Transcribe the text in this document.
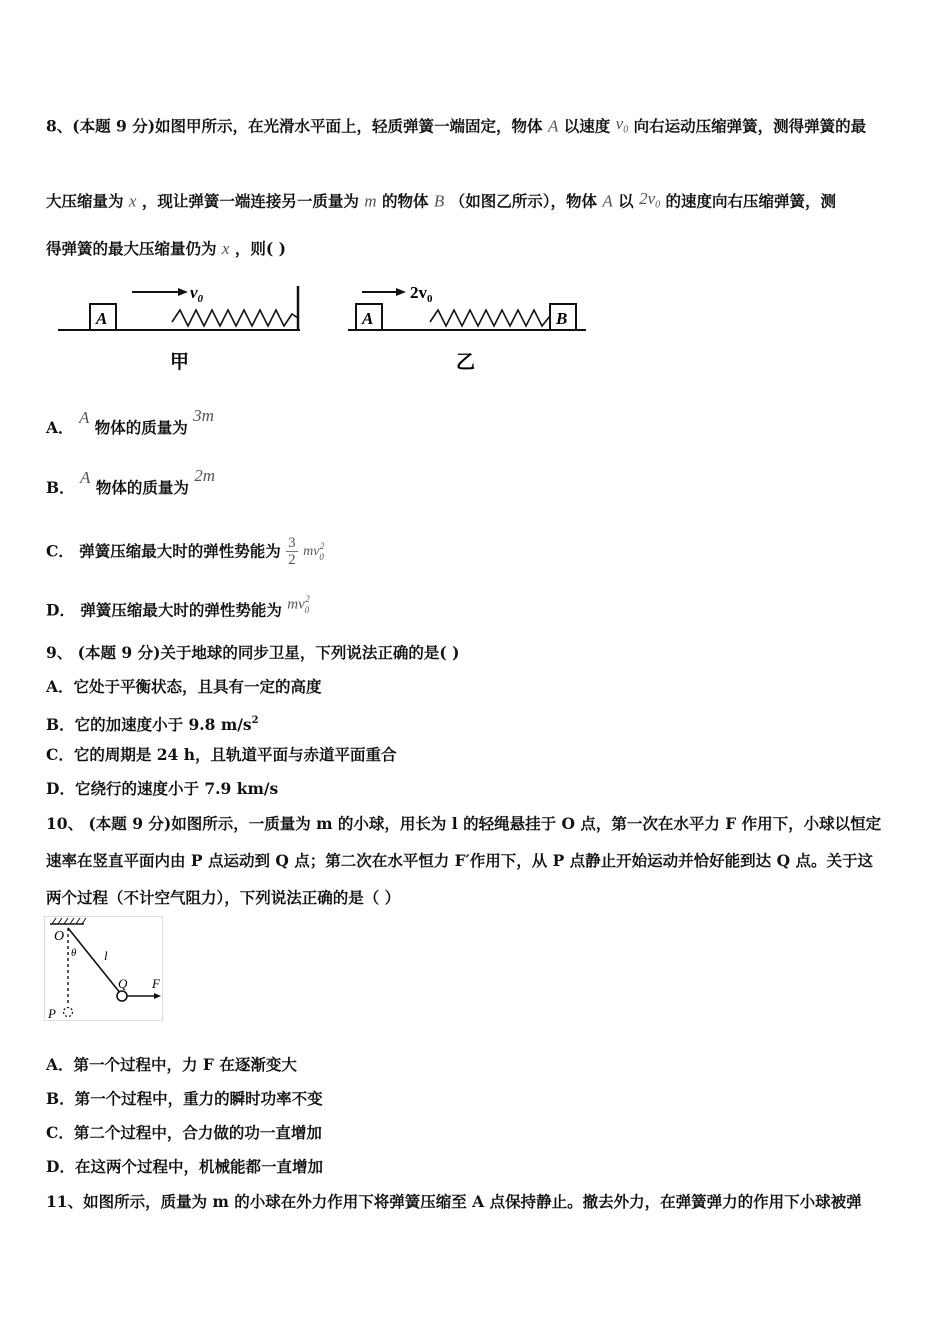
8、(本题 9 分)如图甲所示，在光滑水平面上，轻质弹簧一端固定，物体 A 以速度 $v_0$ 向右运动压缩弹簧，测得弹簧的最
大压缩量为 x ，现让弹簧一端连接另一质量为 m 的物体 B （如图乙所示），物体 A 以 $2v_0$ 的速度向右压缩弹簧，测
得弹簧的最大压缩量仍为 x ，则( )
A
$v_0$
甲
A	B
$2v_0$
乙
A． A 物体的质量为 3m
B． A 物体的质量为 2m
C． 弹簧压缩最大时的弹性势能为 $\frac{3}{2} mv_0^2$
D． 弹簧压缩最大时的弹性势能为 $mv_0^2$
9、 (本题 9 分)关于地球的同步卫星，下列说法正确的是( )
A．它处于平衡状态，且具有一定的高度
B．它的加速度小于 9.8 $m/s^2$
C．它的周期是 24 h，且轨道平面与赤道平面重合
D．它绕行的速度小于 7.9 km/s
10、 (本题 9 分)如图所示，一质量为 m 的小球，用长为 l 的轻绳悬挂于 O 点，第一次在水平力 F 作用下，小球以恒定
速率在竖直平面内由 P 点运动到 Q 点；第二次在水平恒力 F′作用下，从 P 点静止开始运动并恰好能到达 Q 点。关于这
两个过程（不计空气阻力），下列说法正确的是（ ）
O
θ l
Q F
P
A．第一个过程中，力 F 在逐渐变大
B．第一个过程中，重力的瞬时功率不变
C．第二个过程中，合力做的功一直增加
D．在这两个过程中，机械能都一直增加
11、如图所示，质量为 m 的小球在外力作用下将弹簧压缩至 A 点保持静止。撤去外力，在弹簧弹力的作用下小球被弹
